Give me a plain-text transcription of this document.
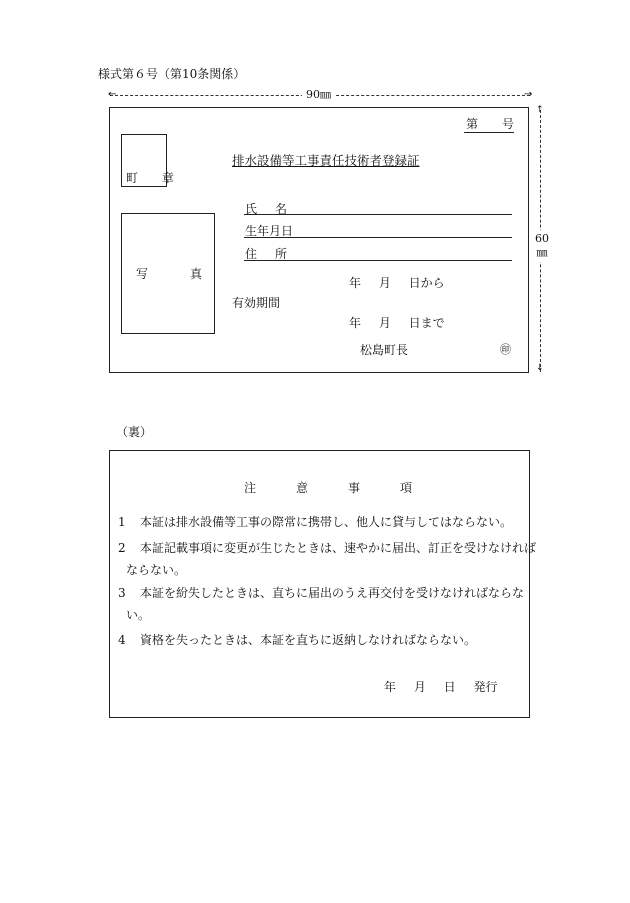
様式第６号（第10条関係）
←	→
90㎜
↑
↓
60
㎜
第　　号
町 章
排水設備等工事責任技術者登録証
氏名
生年月日
住所
写真
年 月 日から
有効期間
年 月 日まで
松島町長	㊞
（裏）
注意事項
1 本証は排水設備等工事の際常に携帯し、他人に貸与してはならない。
2 本証記載事項に変更が生じたときは、速やかに届出、訂正を受けなければ
ならない。
3 本証を紛失したときは、直ちに届出のうえ再交付を受けなければならな
い。
4 資格を失ったときは、本証を直ちに返納しなければならない。
年 月 日 発行
